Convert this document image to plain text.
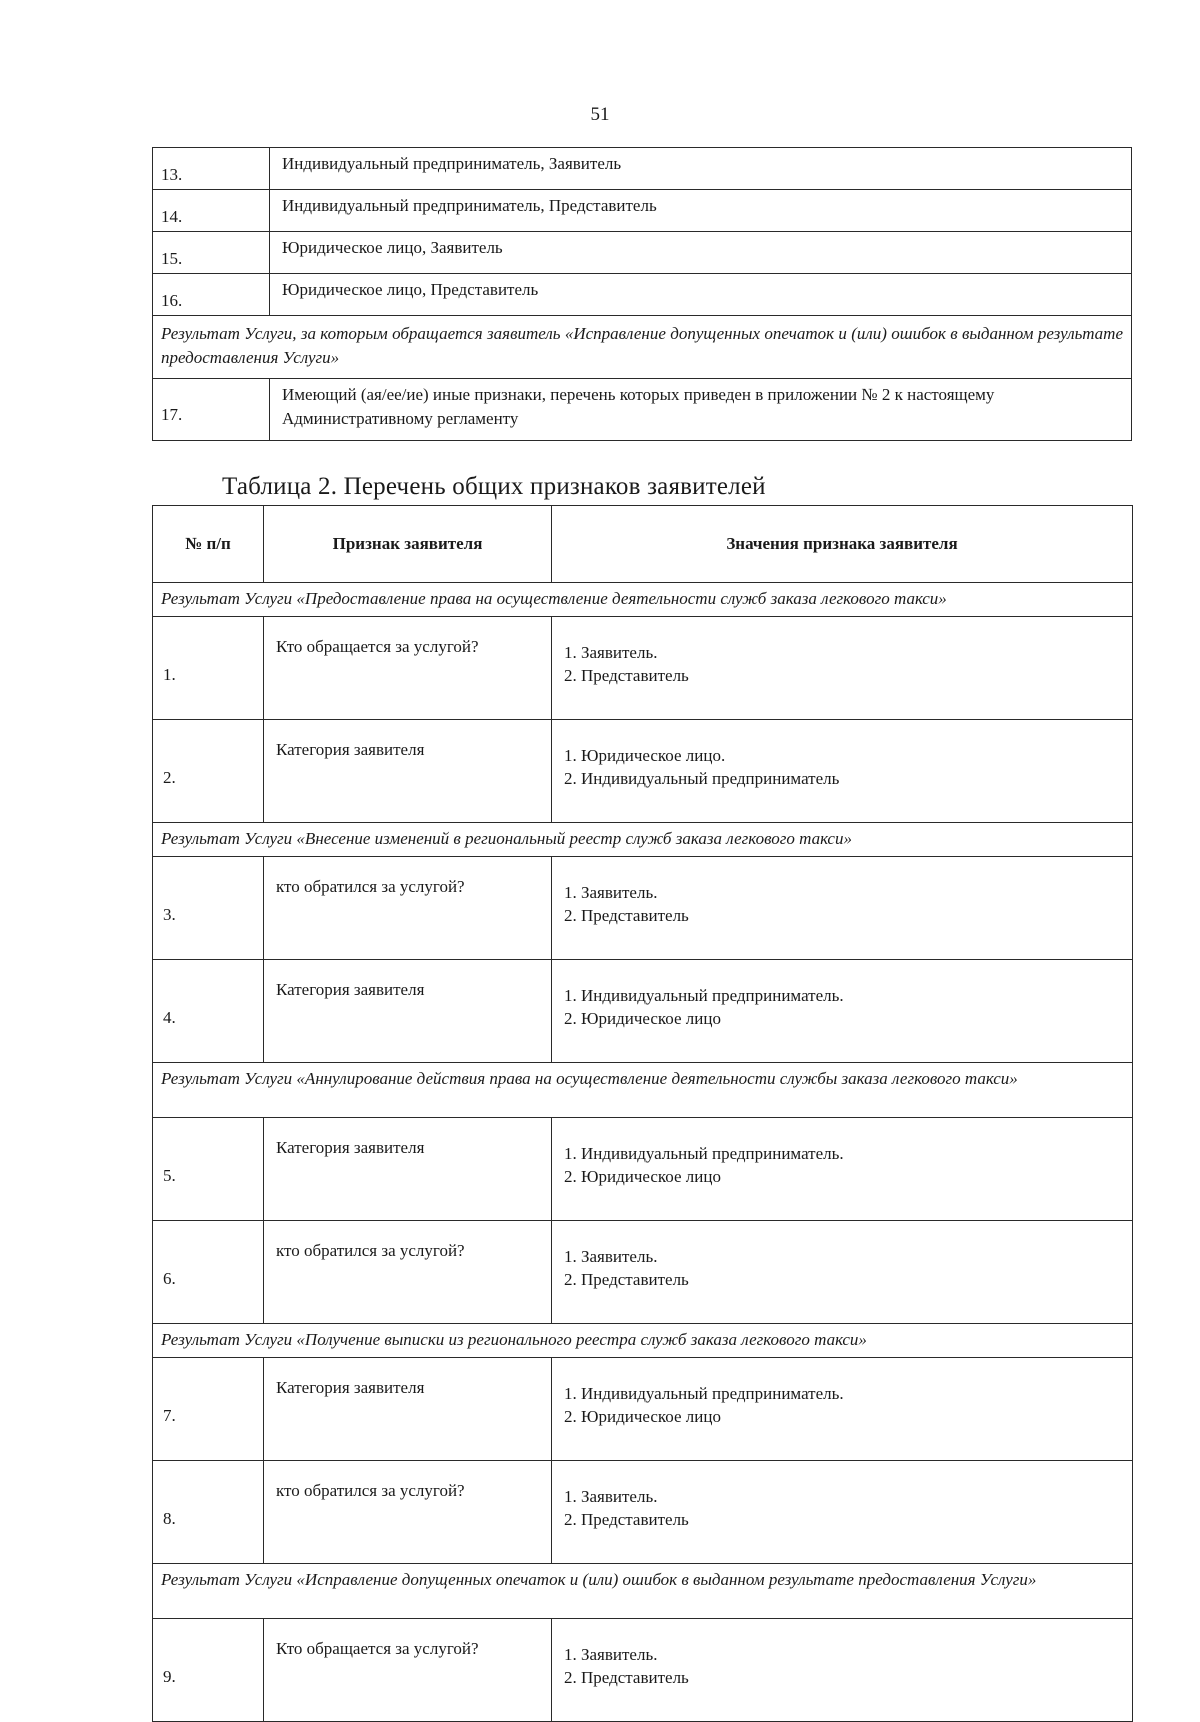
51
13.	Индивидуальный предприниматель, Заявитель
14.	Индивидуальный предприниматель, Представитель
15.	Юридическое лицо, Заявитель
16.	Юридическое лицо, Представитель
Результат Услуги, за которым обращается заявитель «Исправление допущенных опечаток и (или) ошибок в выданном результате предоставления Услуги»	
17.	Имеющий (ая/ее/ие) иные признаки, перечень которых приведен в приложении № 2 к настоящему Административному регламенту
Таблица 2. Перечень общих признаков заявителей
№ п/п	Признак заявителя	Значения признака заявителя
Результат Услуги «Предоставление права на осуществление деятельности служб заказа легкового такси»		
1.	Кто обращается за услугой?	1. Заявитель.
2. Представитель

2.	Категория заявителя	1. Юридическое лицо.
2. Индивидуальный предприниматель

Результат Услуги «Внесение изменений в региональный реестр служб заказа легкового такси»		
3.	кто обратился за услугой?	1. Заявитель.
2. Представитель

4.	Категория заявителя	1. Индивидуальный предприниматель.
2. Юридическое лицо

Результат Услуги «Аннулирование действия права на осуществление деятельности службы заказа легкового такси»		
5.	Категория заявителя	1. Индивидуальный предприниматель.
2. Юридическое лицо

6.	кто обратился за услугой?	1. Заявитель.
2. Представитель

Результат Услуги «Получение выписки из регионального реестра служб заказа легкового такси»		
7.	Категория заявителя	1. Индивидуальный предприниматель.
2. Юридическое лицо

8.	кто обратился за услугой?	1. Заявитель.
2. Представитель

Результат Услуги «Исправление допущенных опечаток и (или) ошибок в выданном результате предоставления Услуги»		
9.	Кто обращается за услугой?	1. Заявитель.
2. Представитель
